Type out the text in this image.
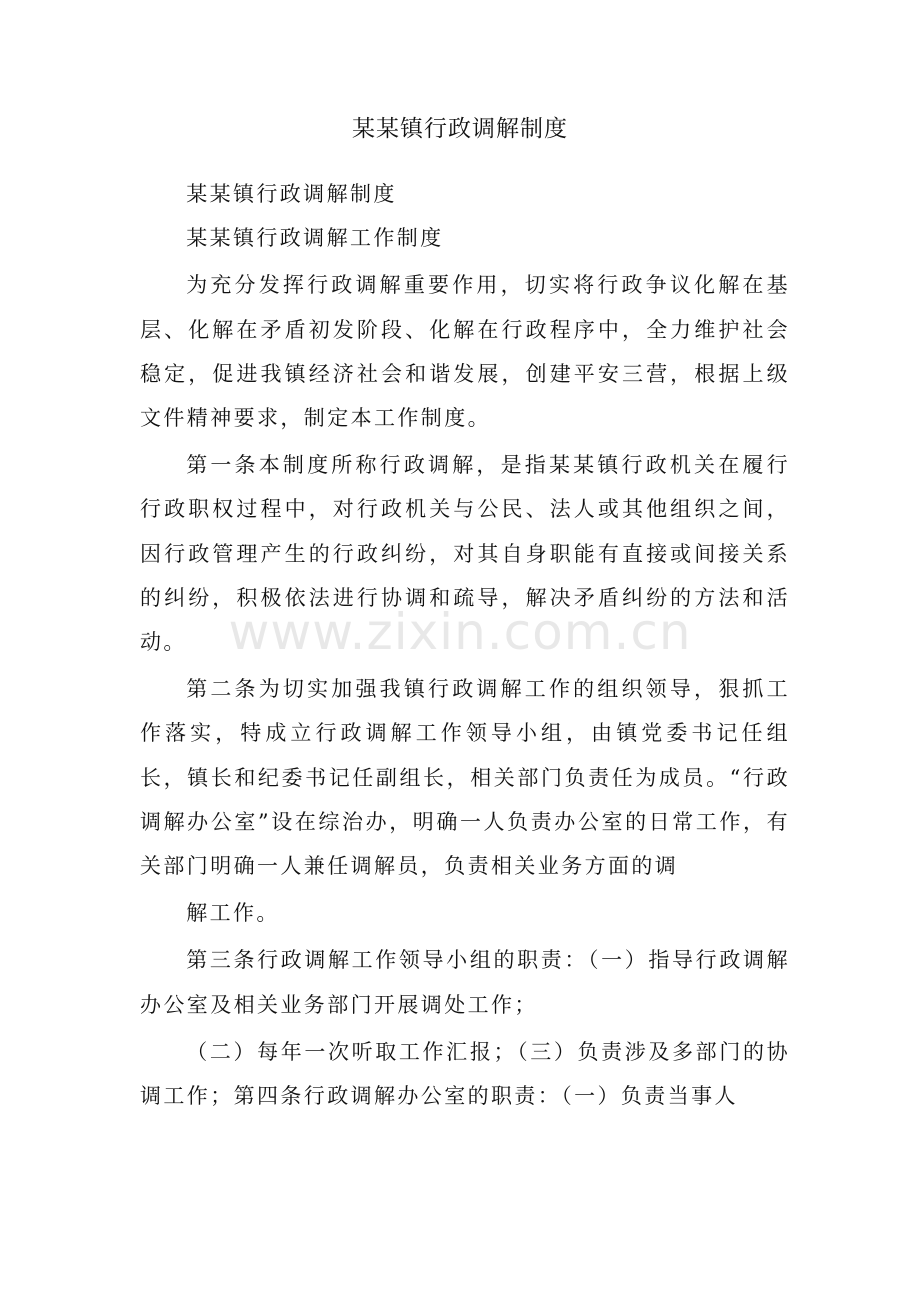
某某镇行政调解制度

某某镇行政调解制度

某某镇行政调解工作制度

为充分发挥行政调解重要作用，切实将行政争议化解在基层、化解在矛盾初发阶段、化解在行政程序中，全力维护社会稳定，促进我镇经济社会和谐发展，创建平安三营，根据上级文件精神要求，制定本工作制度。

第一条本制度所称行政调解，是指某某镇行政机关在履行行政职权过程中，对行政机关与公民、法人或其他组织之间，因行政管理产生的行政纠纷，对其自身职能有直接或间接关系的纠纷，积极依法进行协调和疏导，解决矛盾纠纷的方法和活动。

第二条为切实加强我镇行政调解工作的组织领导，狠抓工作落实，特成立行政调解工作领导小组，由镇党委书记任组长，镇长和纪委书记任副组长，相关部门负责任为成员。“行政调解办公室”设在综治办，明确一人负责办公室的日常工作，有关部门明确一人兼任调解员，负责相关业务方面的调

解工作。

第三条行政调解工作领导小组的职责：（一）指导行政调解办公室及相关业务部门开展调处工作；

（二）每年一次听取工作汇报；（三）负责涉及多部门的协调工作；第四条行政调解办公室的职责：（一）负责当事人

www.zixin.com.cn
